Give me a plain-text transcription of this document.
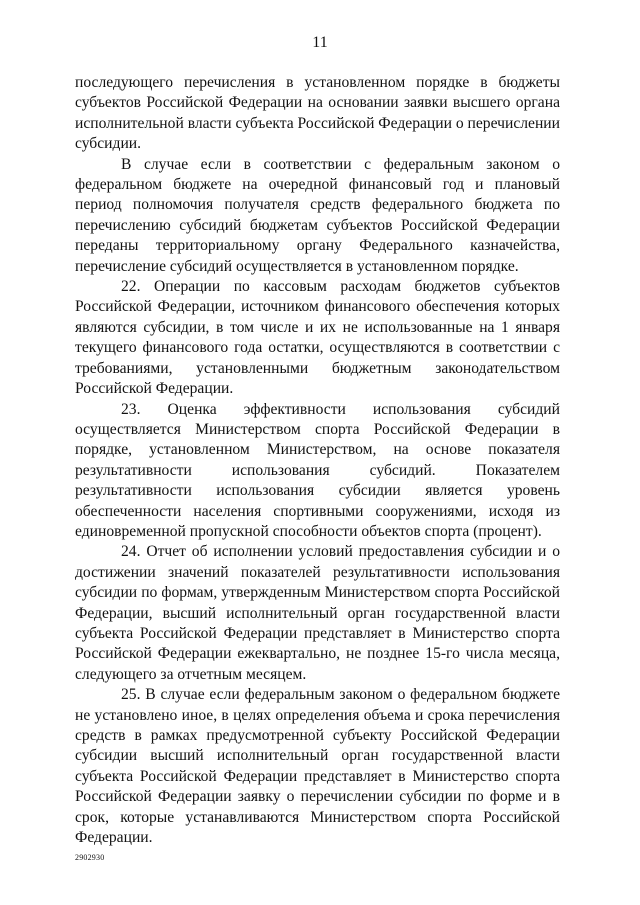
11

последующего перечисления в установленном порядке в бюджеты субъектов Российской Федерации на основании заявки высшего органа исполнительной власти субъекта Российской Федерации о перечислении субсидии.

В случае если в соответствии с федеральным законом о федеральном бюджете на очередной финансовый год и плановый период полномочия получателя средств федерального бюджета по перечислению субсидий бюджетам субъектов Российской Федерации переданы территориальному органу Федерального казначейства, перечисление субсидий осуществляется в установленном порядке.

22. Операции по кассовым расходам бюджетов субъектов Российской Федерации, источником финансового обеспечения которых являются субсидии, в том числе и их не использованные на 1 января текущего финансового года остатки, осуществляются в соответствии с требованиями, установленными бюджетным законодательством Российской Федерации.

23. Оценка эффективности использования субсидий осуществляется Министерством спорта Российской Федерации в порядке, установленном Министерством, на основе показателя результативности использования субсидий. Показателем результативности использования субсидии является уровень обеспеченности населения спортивными сооружениями, исходя из единовременной пропускной способности объектов спорта (процент).

24. Отчет об исполнении условий предоставления субсидии и о достижении значений показателей результативности использования субсидии по формам, утвержденным Министерством спорта Российской Федерации, высший исполнительный орган государственной власти субъекта Российской Федерации представляет в Министерство спорта Российской Федерации ежеквартально, не позднее 15-го числа месяца, следующего за отчетным месяцем.

25. В случае если федеральным законом о федеральном бюджете не установлено иное, в целях определения объема и срока перечисления средств в рамках предусмотренной субъекту Российской Федерации субсидии высший исполнительный орган государственной власти субъекта Российской Федерации представляет в Министерство спорта Российской Федерации заявку о перечислении субсидии по форме и в срок, которые устанавливаются Министерством спорта Российской Федерации.

2902930
